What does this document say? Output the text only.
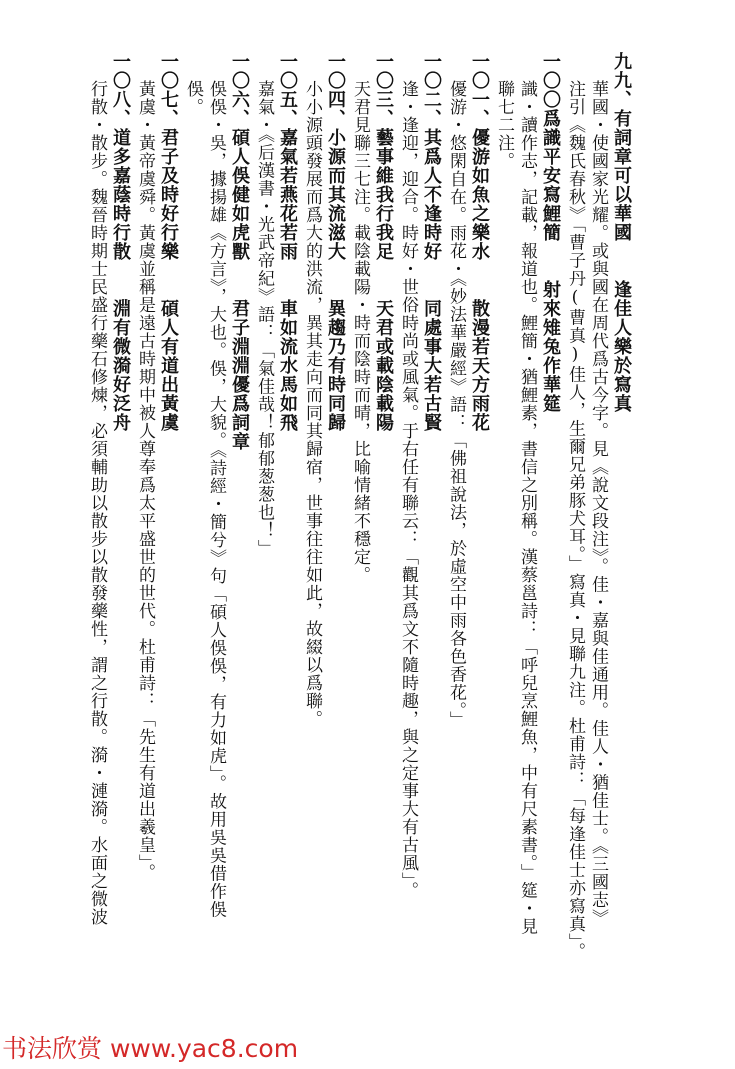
九九、有詞章可以華國　　逢佳人樂於寫真
華國・使國家光耀。或與國在周代爲古今字。見《說文段注》。佳・嘉與佳通用。佳人・猶佳士。《三國志》
注引《魏氏春秋》「曹子丹(曹真)佳人，生爾兄弟豚犬耳。」寫真・見聯九注。杜甫詩：「每逢佳士亦寫真」。
一〇〇爲識平安寫鯉簡　　射來雉兔作華筵
識・讀作志，記載，報道也。鯉簡・猶鯉素，書信之別稱。漢蔡邕詩：「呼兒烹鯉魚，中有尺素書。」筵・見
聯七二注。
一〇一、優游如魚之樂水　　散漫若天方雨花
優游・悠閑自在。雨花・《妙法華嚴經》語：「佛祖說法，於虛空中雨各色香花。」
一〇二、其爲人不逢時好　　同處事大若古賢
逢・逢迎，迎合。時好・世俗時尚或風氣。于右任有聯云：「觀其爲文不隨時趣，與之定事大有古風」。
一〇三、藝事維我行我足　　天君或載陰載陽
天君見聯三七注。載陰載陽・時而陰時而晴，比喻情緒不穩定。
一〇四、小源而其流滋大　　異趨乃有時同歸
小小源頭發展而爲大的洪流，異其走向而同其歸宿，世事往往如此，故綴以爲聯。
一〇五、嘉氣若燕花若雨　　車如流水馬如飛
嘉氣・《后漢書・光武帝紀》語：「氣佳哉！郁郁葱葱也！」
一〇六、碩人俁健如虎獸　　君子淵淵優爲詞章
俁俁・吳，據揚雄《方言》，大也。俁，大貌。《詩經・簡兮》句「碩人俁俁，有力如虎」。故用吳吳借作俁
俁。
一〇七、君子及時好行樂　　碩人有道出黃虞
黃虞・黃帝虞舜。黃虞並稱是遠古時期中被人尊奉爲太平盛世的世代。杜甫詩：「先生有道出羲皇」。
一〇八、道多嘉蔭時行散　　淵有微漪好泛舟
行散・散步。魏晉時期士民盛行藥石修煉，必須輔助以散步以散發藥性，謂之行散。漪・漣漪。水面之微波
书法欣赏 www.yac8.com
